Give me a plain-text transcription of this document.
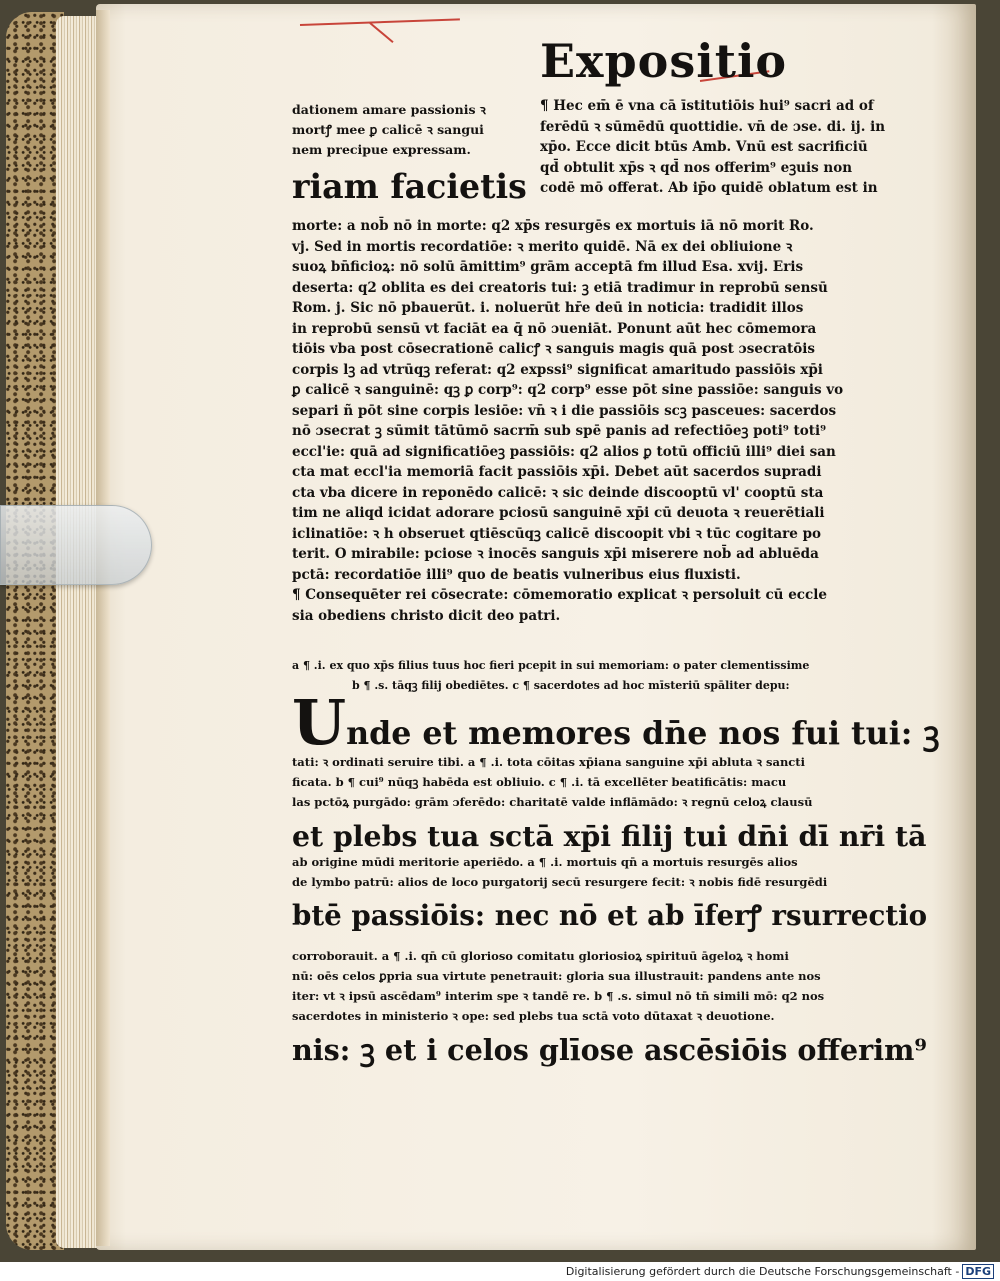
Expositio
dationem amare passionis ꝛ
mortꝭ mee ꝑ calicē ꝛ sangui
nem precipue expressam.
riam facietis
¶ Hec em̄ ē vna cā īstitutiōis hui⁹ sacri ad of
ferēdū ꝛ sūmēdū quottidie. vn̄ de ɔse. di. ij. in
xp̄o. Ecce dicit btūs Amb. Vnū est sacrificiū
qd̄ obtulit xp̄s ꝛ qd̄ nos offerim⁹ eꝫuis non
codē mō offerat. Ab ip̄o quidē oblatum est in
morte: a nob̄ nō in morte: q2 xp̄s resurgēs ex mortuis iā nō morit Ro.
vj. Sed in mortis recordatiōe: ꝛ merito quidē. Nā ex dei obliuione ꝛ
suoꝝ bn̄ficioꝝ: nō solū āmittim⁹ grām acceptā fm illud Esa. xvij. Eris
deserta: q2 oblita es dei creatoris tui: ꝫ etiā tradimur in reprobū sensū
Rom. j. Sic nō pbauerūt. i. noluerūt hr̄e deū in noticia: tradidit illos
in reprobū sensū vt faciāt ea q̄ nō ɔueniāt. Ponunt aūt hec cōmemora
tiōis vba post cōsecrationē calicꝭ ꝛ sanguis magis quā post ɔsecratōis
corpis lꝫ ad vtrūqꝫ referat: q2 expssi⁹ significat amaritudo passiōis xp̄i
ꝑ calicē ꝛ sanguinē: qꝫ ꝑ corp⁹: q2 corp⁹ esse pōt sine passiōe: sanguis vo
separi ñ pōt sine corpis lesiōe: vn̄ ꝛ i die passiōis scꝫ pasceues: sacerdos
nō ɔsecrat ꝫ sūmit tātūmō sacrm̄ sub spē panis ad refectiōeꝫ poti⁹ toti⁹
eccl'ie: quā ad significatiōeꝫ passiōis: q2 alios ꝑ totū officiū illi⁹ diei san
cta mat eccl'ia memoriā facit passiōis xp̄i. Debet aūt sacerdos supradi
cta vba dicere in reponēdo calicē: ꝛ sic deinde discooptū vl' cooptū sta
tim ne aliqd icidat adorare pciosū sanguinē xp̄i cū deuota ꝛ reuerētiali
iclinatiōe: ꝛ h obseruet qtiēscūqꝫ calicē discoopit vbi ꝛ tūc cogitare po
terit. O mirabile: pciose ꝛ inocēs sanguis xp̄i miserere nob̄ ad abluēda
pctā: recordatiōe illi⁹ quo de beatis vulneribus eius fluxisti.
¶ Consequēter rei cōsecrate: cōmemoratio explicat ꝛ persoluit cū eccle
sia obediens christo dicit deo patri.
a ¶ .i. ex quo xp̄s filius tuus hoc fieri pcepit in sui memoriam: o pater clementissime
b ¶ .s. tāqꝫ filij obediētes. c ¶ sacerdotes ad hoc mīsteriū spāliter depu:
Unde et memores dn̄e nos fui tui: ꝫ
tati: ꝛ ordinati seruire tibi. a ¶ .i. tota cōitas xp̄iana sanguine xp̄i abluta ꝛ sancti
ficata. b ¶ cui⁹ nūqꝫ habēda est obliuio. c ¶ .i. tā excellēter beatificātis: macu
las pctōꝝ purgādo: grām ɔferēdo: charitatē valde inflāmādo: ꝛ regnū celoꝝ clausū
et plebs tua sctā xp̄i filij tui dn̄i dī nr̄i tā
ab origine mūdi meritorie aperiēdo. a ¶ .i. mortuis qn̄ a mortuis resurgēs alios
de lymbo patrū: alios de loco purgatorij secū resurgere fecit: ꝛ nobis fidē resurgēdi
btē passiōis: nec nō et ab īferꝭ rsurrectio
corroborauit. a ¶ .i. qn̄ cū glorioso comitatu gloriosioꝝ spirituū āgeloꝝ ꝛ homi
nū: oēs celos ꝑpria sua virtute penetrauit: gloria sua illustrauit: pandens ante nos
iter: vt ꝛ ipsū ascēdam⁹ interim spe ꝛ tandē re. b ¶ .s. simul nō tn̄ simili mō: q2 nos
sacerdotes in ministerio ꝛ ope: sed plebs tua sctā voto dūtaxat ꝛ deuotione.
nis: ꝫ et i celos glīose ascēsiōis offerim⁹
Digitalisierung gefördert durch die Deutsche Forschungsgemeinschaft - DFG
